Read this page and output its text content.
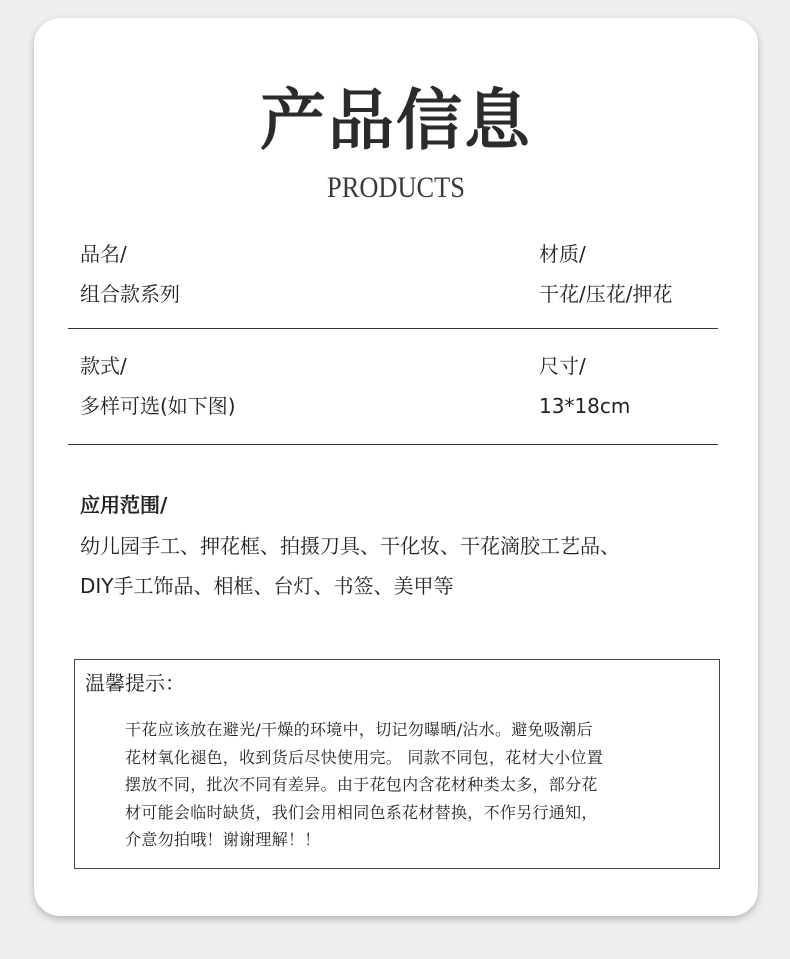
产品信息
PRODUCTS
品名/
组合款系列
材质/
干花/压花/押花
款式/
多样可选(如下图)
尺寸/
13*18cm
应用范围/
幼儿园手工、押花框、拍摄刀具、干化妆、干花滴胶工艺品、
DIY手工饰品、相框、台灯、书签、美甲等
温馨提示：
干花应该放在避光/干燥的环境中，切记勿曝晒/沾水。避免吸潮后
花材氧化褪色，收到货后尽快使用完。 同款不同包，花材大小位置
摆放不同，批次不同有差异。由于花包内含花材种类太多，部分花
材可能会临时缺货，我们会用相同色系花材替换，不作另行通知，
介意勿拍哦！谢谢理解！！
